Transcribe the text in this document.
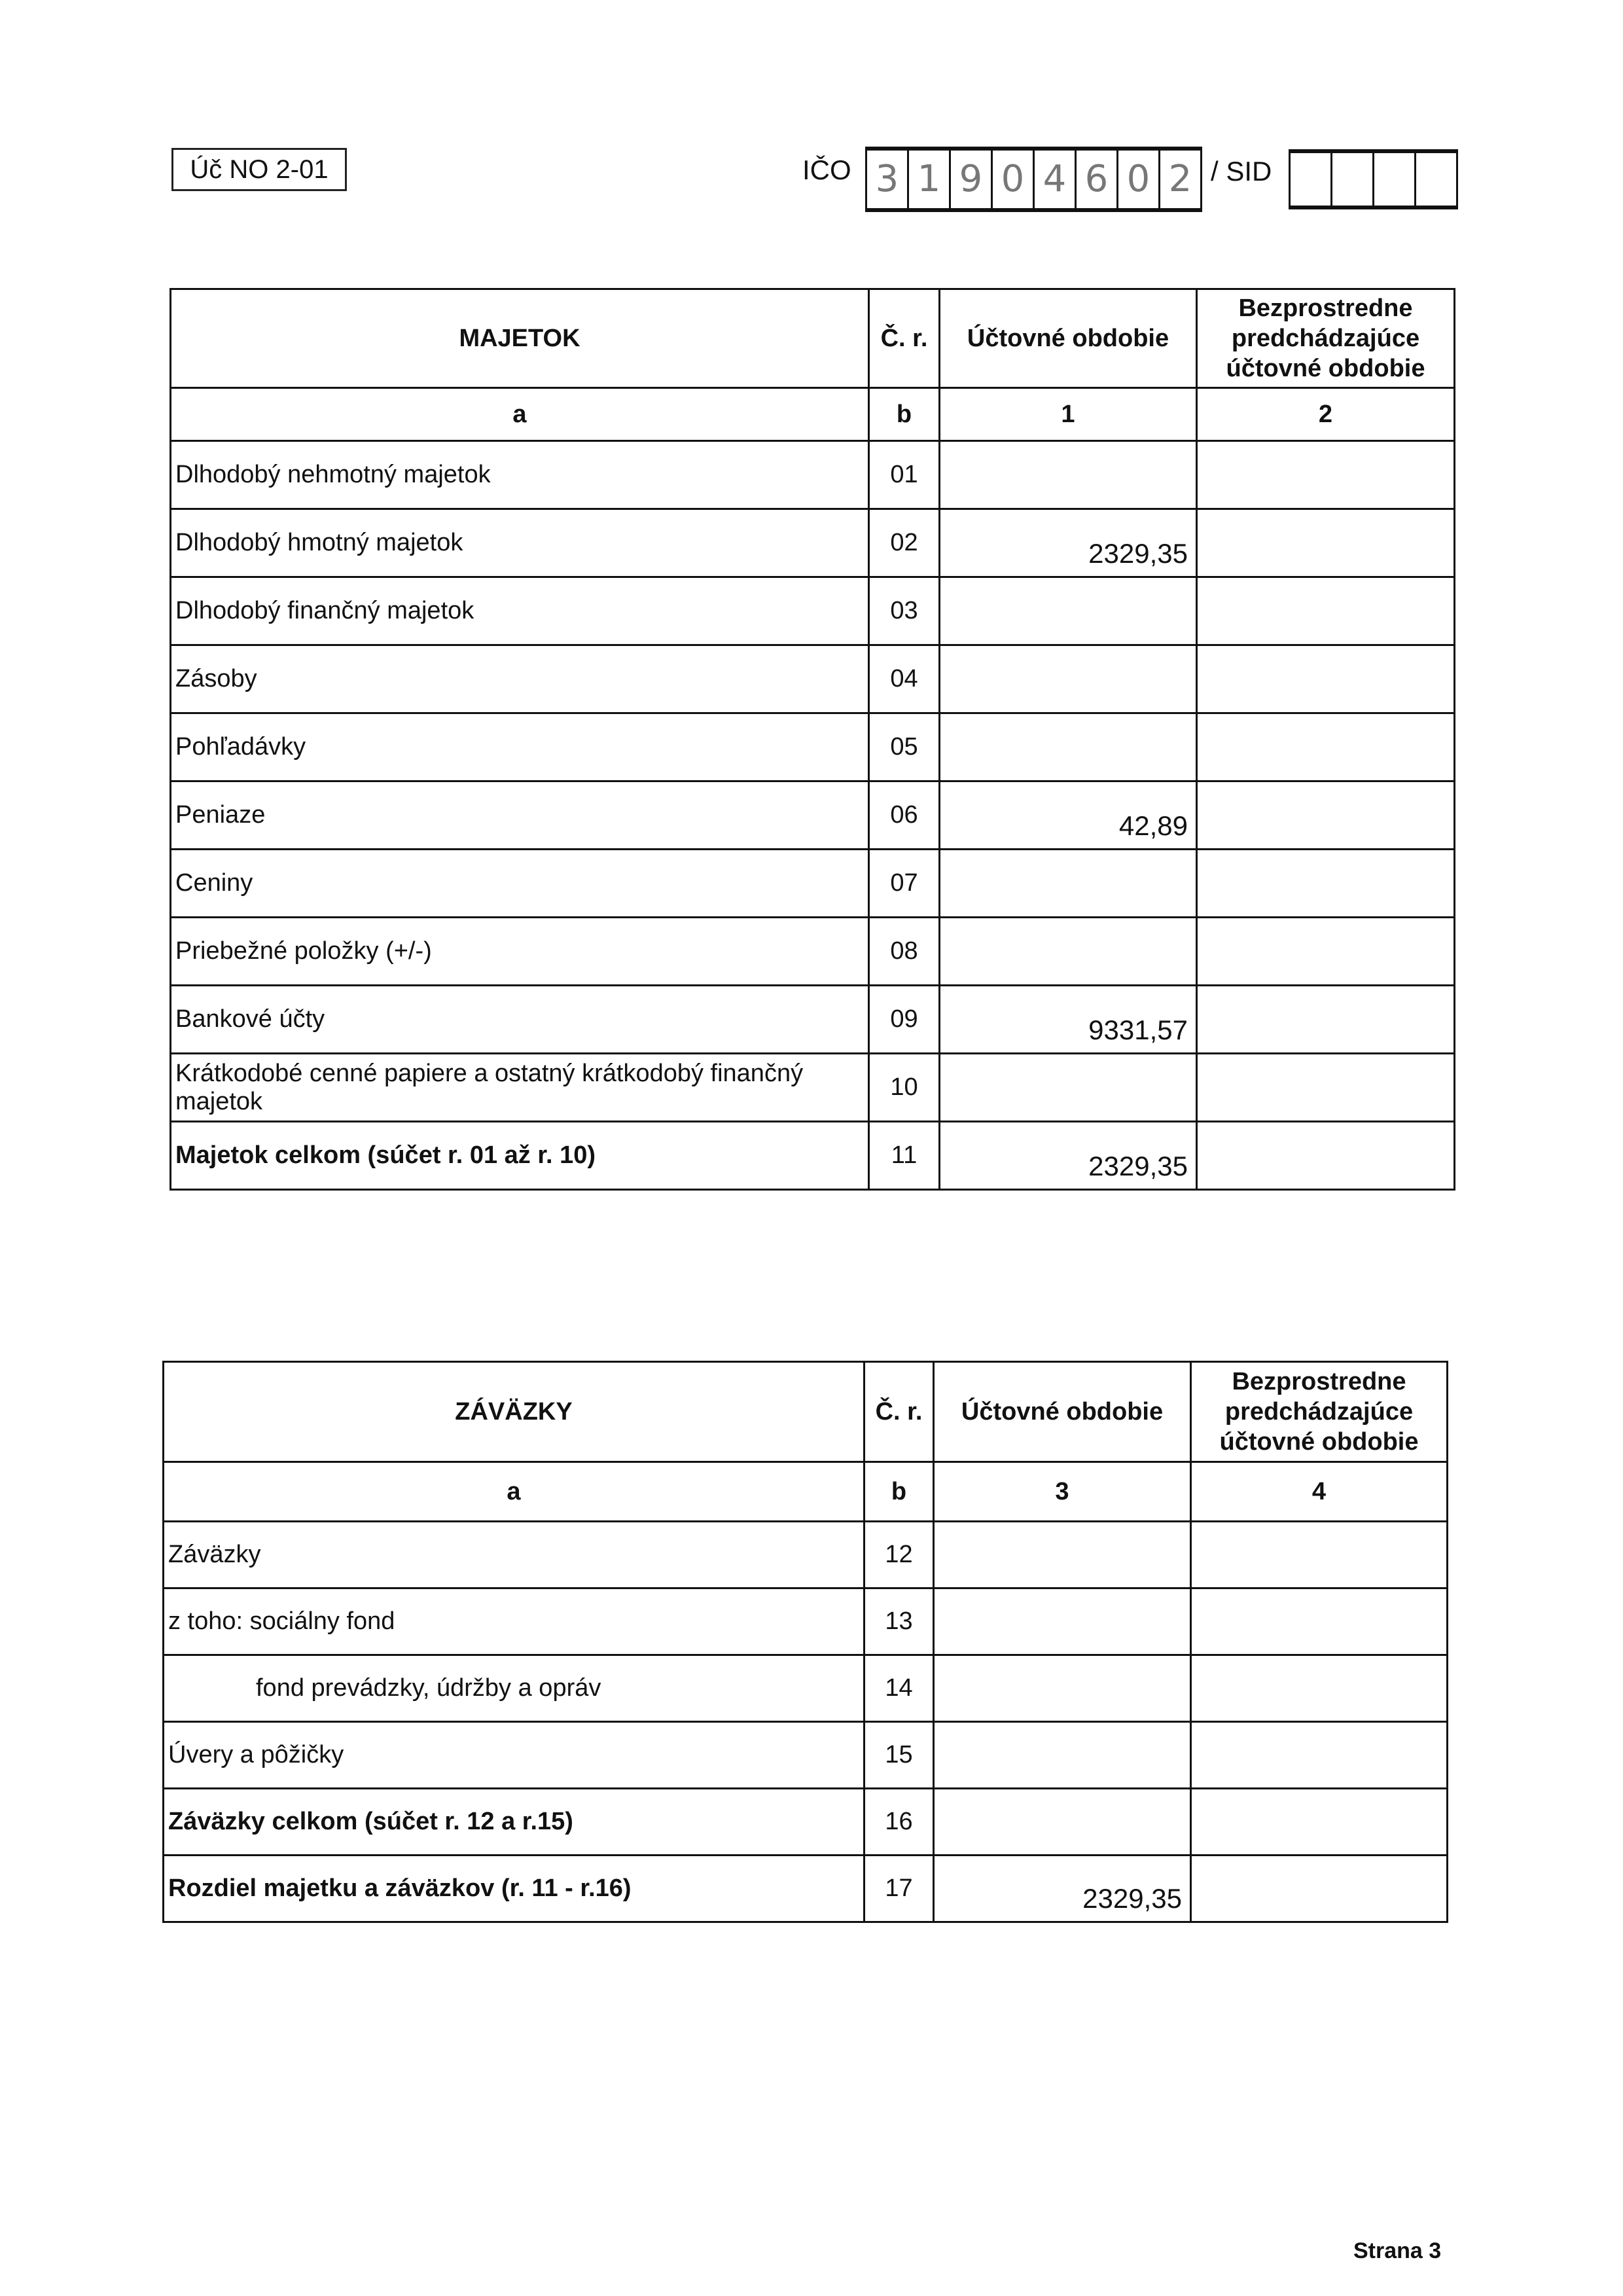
Úč NO 2-01	IČO 3 1 9 0 4 6 0 2 / SID
MAJETOK	Č. r.	Účtovné obdobie	Bezprostredne predchádzajúce účtovné obdobie
a	b	1	2
Dlhodobý nehmotný majetok	01		
Dlhodobý hmotný majetok	02	2329,35	
Dlhodobý finančný majetok	03		
Zásoby	04		
Pohľadávky	05		
Peniaze	06	42,89	
Ceniny	07		
Priebežné položky (+/-)	08		
Bankové účty	09	9331,57	
Krátkodobé cenné papiere a ostatný krátkodobý finančný majetok	10		
Majetok celkom (súčet r. 01 až r. 10)	11	2329,35	
ZÁVÄZKY	Č. r.	Účtovné obdobie	Bezprostredne predchádzajúce účtovné obdobie
a	b	3	4
Záväzky	12		
z toho: sociálny fond	13		
fond prevádzky, údržby a opráv	14		
Úvery a pôžičky	15		
Záväzky celkom (súčet r. 12 a r.15)	16		
Rozdiel majetku a záväzkov (r. 11 - r.16)	17	2329,35	
Strana 3
